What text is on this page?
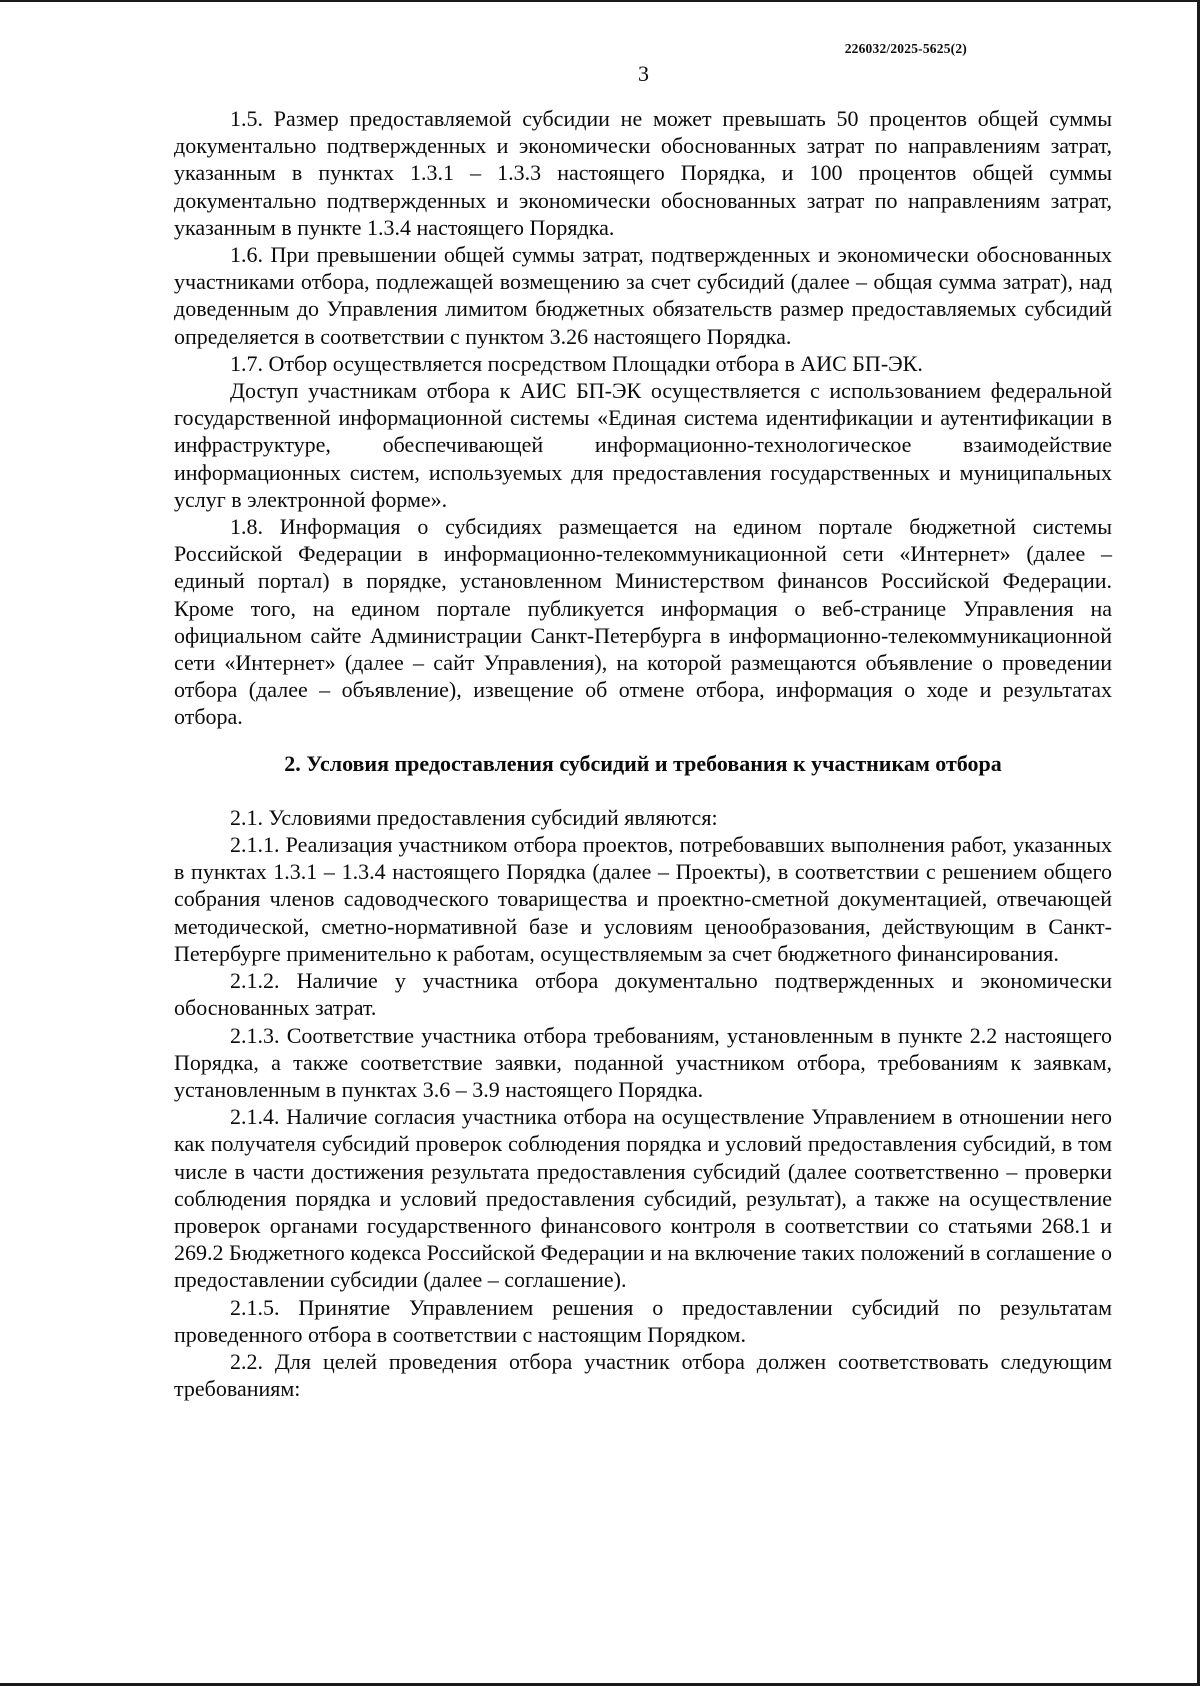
226032/2025-5625(2)
3

1.5. Размер предоставляемой субсидии не может превышать 50 процентов общей суммы документально подтвержденных и экономически обоснованных затрат по направлениям затрат, указанным в пунктах 1.3.1 – 1.3.3 настоящего Порядка, и 100 процентов общей суммы документально подтвержденных и экономически обоснованных затрат по направлениям затрат, указанным в пункте 1.3.4 настоящего Порядка.

1.6. При превышении общей суммы затрат, подтвержденных и экономически обоснованных участниками отбора, подлежащей возмещению за счет субсидий (далее – общая сумма затрат), над доведенным до Управления лимитом бюджетных обязательств размер предоставляемых субсидий определяется в соответствии с пунктом 3.26 настоящего Порядка.

1.7. Отбор осуществляется посредством Площадки отбора в АИС БП-ЭК.

Доступ участникам отбора к АИС БП-ЭК осуществляется с использованием федеральной государственной информационной системы «Единая система идентификации и аутентификации в инфраструктуре, обеспечивающей информационно-технологическое взаимодействие информационных систем, используемых для предоставления государственных и муниципальных услуг в электронной форме».

1.8. Информация о субсидиях размещается на едином портале бюджетной системы Российской Федерации в информационно-телекоммуникационной сети «Интернет» (далее – единый портал) в порядке, установленном Министерством финансов Российской Федерации. Кроме того, на едином портале публикуется информация о веб-странице Управления на официальном сайте Администрации Санкт-Петербурга в информационно-телекоммуникационной сети «Интернет» (далее – сайт Управления), на которой размещаются объявление о проведении отбора (далее – объявление), извещение об отмене отбора, информация о ходе и результатах отбора.

2. Условия предоставления субсидий и требования к участникам отбора

2.1. Условиями предоставления субсидий являются:

2.1.1. Реализация участником отбора проектов, потребовавших выполнения работ, указанных в пунктах 1.3.1 – 1.3.4 настоящего Порядка (далее – Проекты), в соответствии с решением общего собрания членов садоводческого товарищества и проектно-сметной документацией, отвечающей методической, сметно-нормативной базе и условиям ценообразования, действующим в Санкт-Петербурге применительно к работам, осуществляемым за счет бюджетного финансирования.

2.1.2. Наличие у участника отбора документально подтвержденных и экономически обоснованных затрат.

2.1.3. Соответствие участника отбора требованиям, установленным в пункте 2.2 настоящего Порядка, а также соответствие заявки, поданной участником отбора, требованиям к заявкам, установленным в пунктах 3.6 – 3.9 настоящего Порядка.

2.1.4. Наличие согласия участника отбора на осуществление Управлением в отношении него как получателя субсидий проверок соблюдения порядка и условий предоставления субсидий, в том числе в части достижения результата предоставления субсидий (далее соответственно – проверки соблюдения порядка и условий предоставления субсидий, результат), а также на осуществление проверок органами государственного финансового контроля в соответствии со статьями 268.1 и 269.2 Бюджетного кодекса Российской Федерации и на включение таких положений в соглашение о предоставлении субсидии (далее – соглашение).

2.1.5. Принятие Управлением решения о предоставлении субсидий по результатам проведенного отбора в соответствии с настоящим Порядком.

2.2. Для целей проведения отбора участник отбора должен соответствовать следующим требованиям:
